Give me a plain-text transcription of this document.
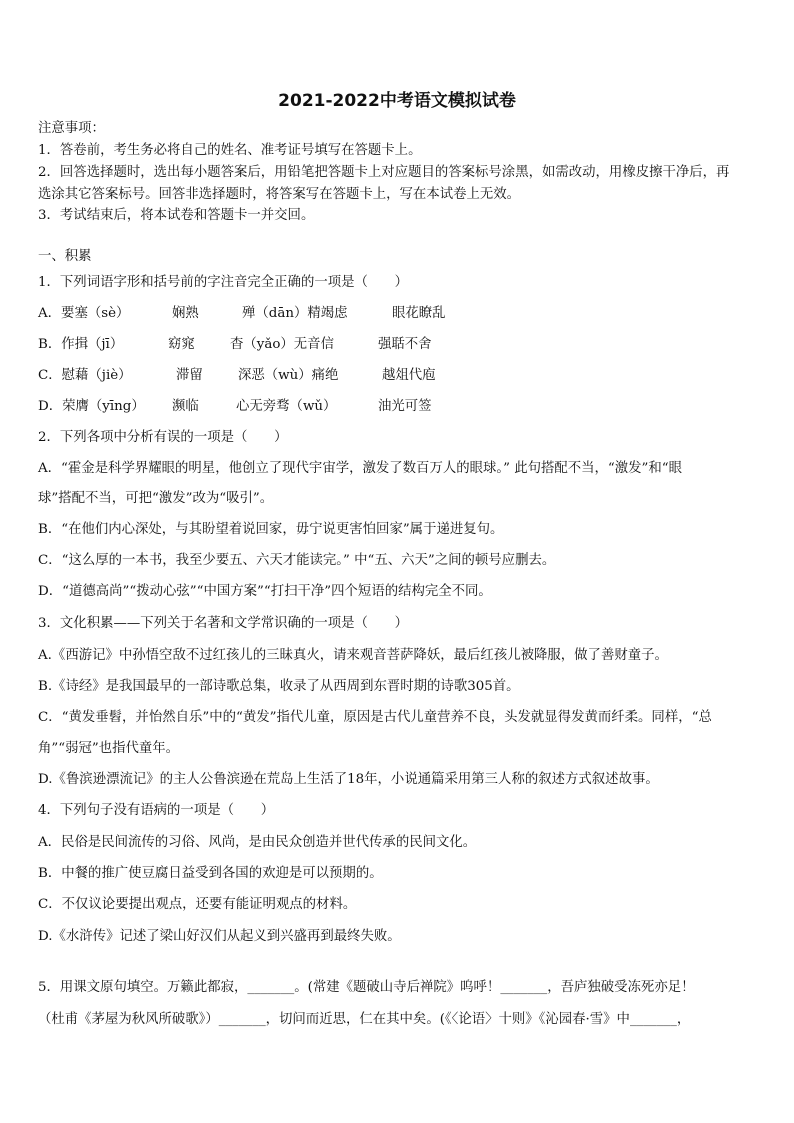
2021-2022中考语文模拟试卷
注意事项：
1．答卷前，考生务必将自己的姓名、准考证号填写在答题卡上。
2．回答选择题时，选出每小题答案后，用铅笔把答题卡上对应题目的答案标号涂黑，如需改动，用橡皮擦干净后，再
选涂其它答案标号。回答非选择题时，将答案写在答题卡上，写在本试卷上无效。
3．考试结束后，将本试卷和答题卡一并交回。
一、积累
1．下列词语字形和括号前的字注音完全正确的一项是（　　）
A．要塞（sè）	娴熟	殚（dān）精竭虑	眼花瞭乱
B．作揖（jī）	窈窕	杳（yǎo）无音信	强聒不舍
C．慰藉（jiè）	滞留	深恶（wù）痛绝	越俎代庖
D．荣膺（yīng） 濒临	心无旁骛（wǔ）	油光可签
2．下列各项中分析有误的一项是（　　）
A．“霍金是科学界耀眼的明星，他创立了现代宇宙学，激发了数百万人的眼球。” 此句搭配不当，“激发”和“眼
球”搭配不当，可把“激发”改为“吸引”。
B．“在他们内心深处，与其盼望着说回家，毋宁说更害怕回家”属于递进复句。
C．“这么厚的一本书，我至少要五、六天才能读完。” 中“五、六天”之间的顿号应删去。
D．“道德高尚”“拨动心弦”“中国方案”“打扫干净”四个短语的结构完全不同。
3．文化积累——下列关于名著和文学常识确的一项是（　　）
A.《西游记》中孙悟空敌不过红孩儿的三昧真火，请来观音菩萨降妖，最后红孩儿被降服，做了善财童子。
B.《诗经》是我国最早的一部诗歌总集，收录了从西周到东晋时期的诗歌305首。
C．“黄发垂髫，并怡然自乐”中的“黄发”指代儿童，原因是古代儿童营养不良，头发就显得发黄而纤柔。同样，“总
角”“弱冠”也指代童年。
D.《鲁滨逊漂流记》的主人公鲁滨逊在荒岛上生活了18年，小说通篇采用第三人称的叙述方式叙述故事。
4．下列句子没有语病的一项是（　　）
A．民俗是民间流传的习俗、风尚，是由民众创造并世代传承的民间文化。
B．中餐的推广使豆腐日益受到各国的欢迎是可以预期的。
C．不仅议论要提出观点，还要有能证明观点的材料。
D.《水浒传》记述了梁山好汉们从起义到兴盛再到最终失败。
5．用课文原句填空。万籁此都寂，_______。(常建《题破山寺后禅院》呜呼！_______，吾庐独破受冻死亦足！
（杜甫《茅屋为秋风所破歌》）_______，切问而近思，仁在其中矣。(《〈论语〉十则》《沁园春·雪》中_______，
